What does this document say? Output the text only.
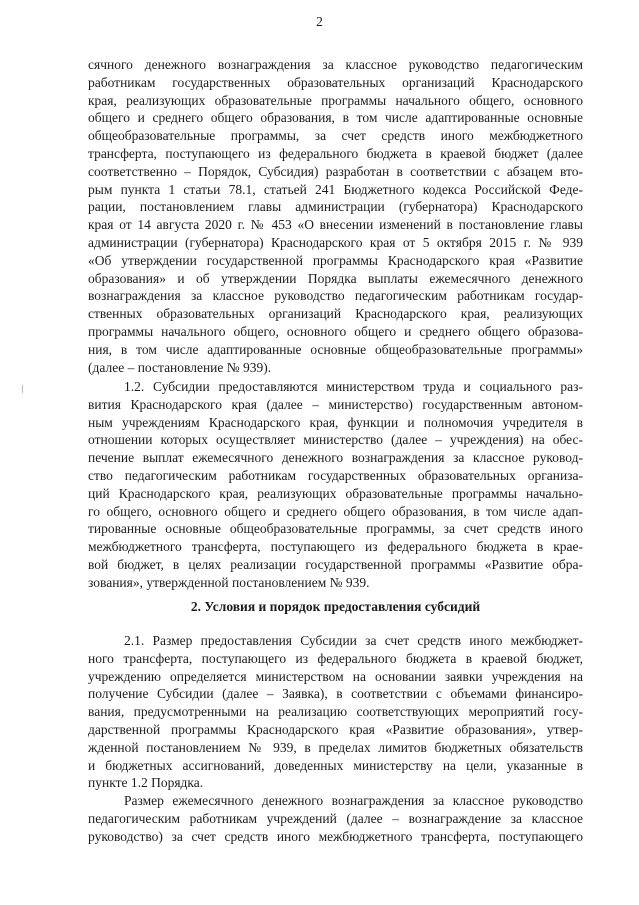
2
сячного денежного вознаграждения за классное руководство педагогическим
работникам государственных образовательных организаций Краснодарского
края, реализующих образовательные программы начального общего, основного
общего и среднего общего образования, в том числе адаптированные основные
общеобразовательные программы, за счет средств иного межбюджетного
трансферта, поступающего из федерального бюджета в краевой бюджет (далее
соответственно – Порядок, Субсидия) разработан в соответствии с абзацем вто-
рым пункта 1 статьи 78.1, статьей 241 Бюджетного кодекса Российской Феде-
рации, постановлением главы администрации (губернатора) Краснодарского
края от 14 августа 2020 г. № 453 «О внесении изменений в постановление главы
администрации (губернатора) Краснодарского края от 5 октября 2015 г. № 939
«Об утверждении государственной программы Краснодарского края «Развитие
образования» и об утверждении Порядка выплаты ежемесячного денежного
вознаграждения за классное руководство педагогическим работникам государ-
ственных образовательных организаций Краснодарского края, реализующих
программы начального общего, основного общего и среднего общего образова-
ния, в том числе адаптированные основные общеобразовательные программы»
(далее – постановление № 939).
1.2. Субсидии предоставляются министерством труда и социального раз-
вития Краснодарского края (далее – министерство) государственным автоном-
ным учреждениям Краснодарского края, функции и полномочия учредителя в
отношении которых осуществляет министерство (далее – учреждения) на обес-
печение выплат ежемесячного денежного вознаграждения за классное руковод-
ство педагогическим работникам государственных образовательных организа-
ций Краснодарского края, реализующих образовательные программы начально-
го общего, основного общего и среднего общего образования, в том числе адап-
тированные основные общеобразовательные программы, за счет средств иного
межбюджетного трансферта, поступающего из федерального бюджета в крае-
вой бюджет, в целях реализации государственной программы «Развитие обра-
зования», утвержденной постановлением № 939.
2. Условия и порядок предоставления субсидий
2.1. Размер предоставления Субсидии за счет средств иного межбюджет-
ного трансферта, поступающего из федерального бюджета в краевой бюджет,
учреждению определяется министерством на основании заявки учреждения на
получение Субсидии (далее – Заявка), в соответствии с объемами финансиро-
вания, предусмотренными на реализацию соответствующих мероприятий госу-
дарственной программы Краснодарского края «Развитие образования», утвер-
жденной постановлением № 939, в пределах лимитов бюджетных обязательств
и бюджетных ассигнований, доведенных министерству на цели, указанные в
пункте 1.2 Порядка.
Размер ежемесячного денежного вознаграждения за классное руководство
педагогическим работникам учреждений (далее – вознаграждение за классное
руководство) за счет средств иного межбюджетного трансферта, поступающего
